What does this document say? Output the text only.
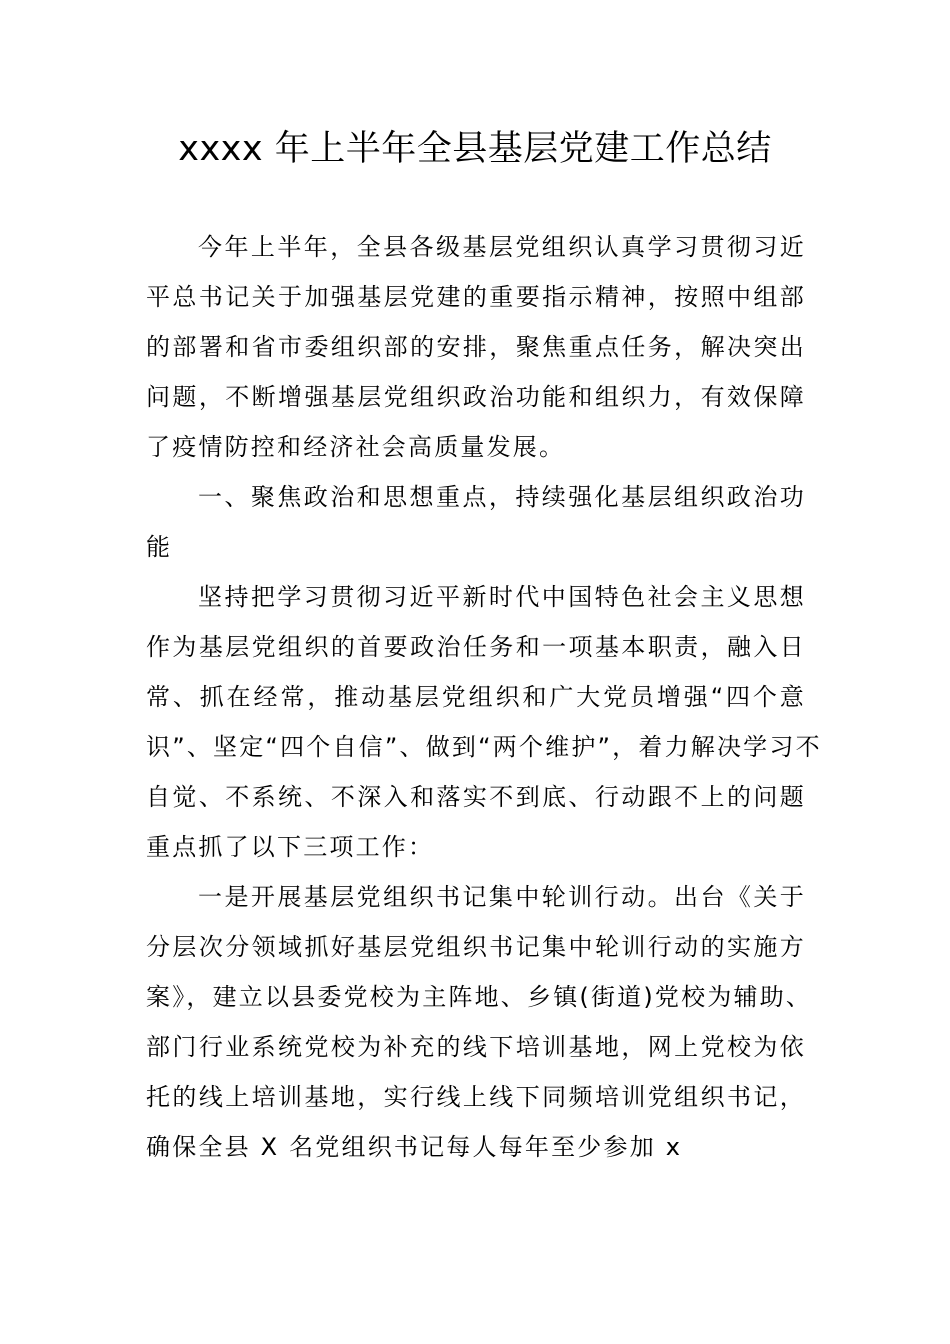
xxxx 年上半年全县基层党建工作总结
今年上半年，全县各级基层党组织认真学习贯彻习近
平总书记关于加强基层党建的重要指示精神，按照中组部
的部署和省市委组织部的安排，聚焦重点任务，解决突出
问题，不断增强基层党组织政治功能和组织力，有效保障
了疫情防控和经济社会高质量发展。
一、聚焦政治和思想重点，持续强化基层组织政治功
能
坚持把学习贯彻习近平新时代中国特色社会主义思想
作为基层党组织的首要政治任务和一项基本职责，融入日
常、抓在经常，推动基层党组织和广大党员增强“四个意
识”、坚定“四个自信”、做到“两个维护”，着力解决学习不
自觉、不系统、不深入和落实不到底、行动跟不上的问题
重点抓了以下三项工作：
一是开展基层党组织书记集中轮训行动。出台《关于
分层次分领域抓好基层党组织书记集中轮训行动的实施方
案》，建立以县委党校为主阵地、乡镇(街道)党校为辅助、
部门行业系统党校为补充的线下培训基地，网上党校为依
托的线上培训基地，实行线上线下同频培训党组织书记，
确保全县 X 名党组织书记每人每年至少参加 x
